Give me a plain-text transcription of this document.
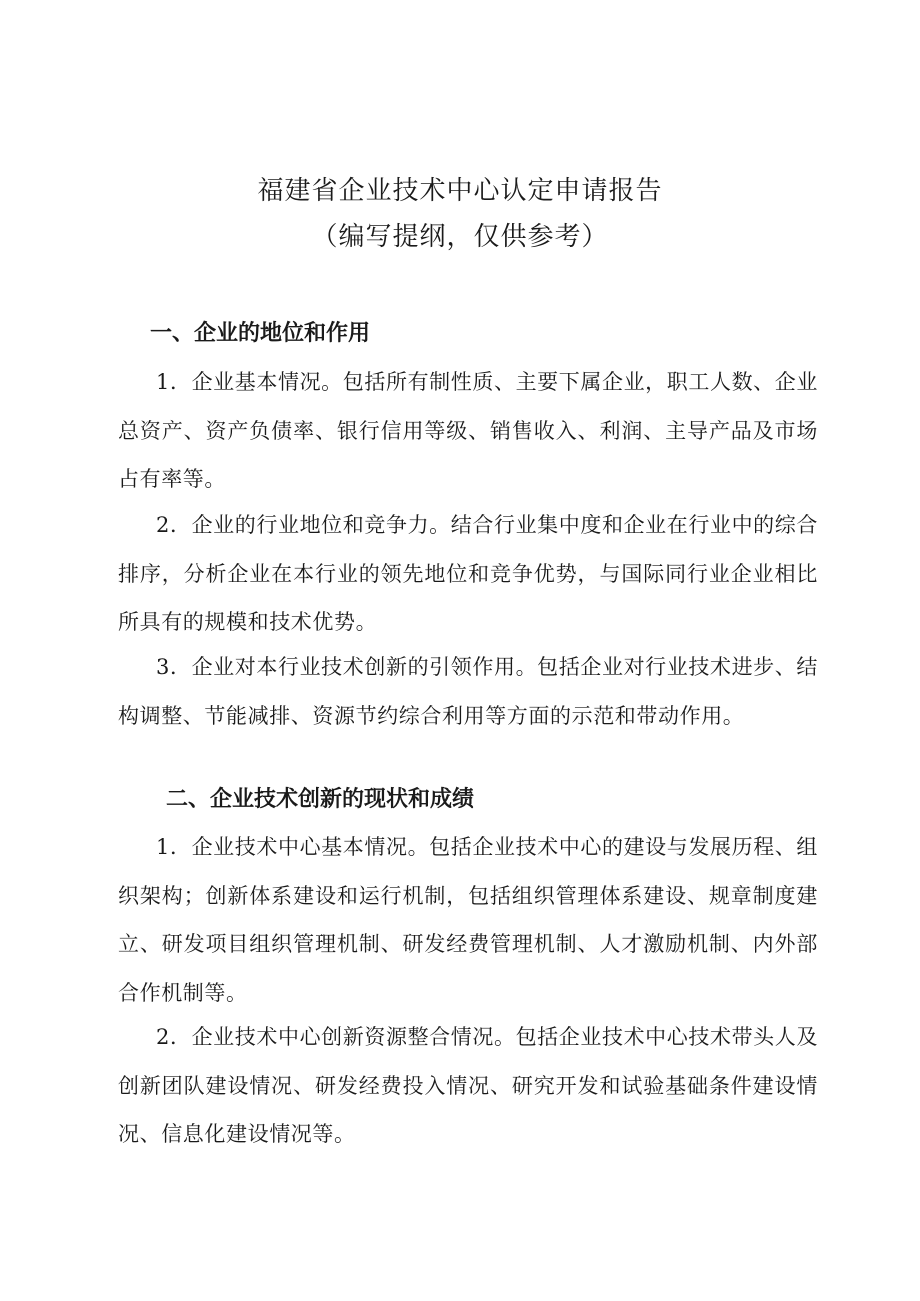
福建省企业技术中心认定申请报告
（编写提纲，仅供参考）
一、企业的地位和作用
1．企业基本情况。包括所有制性质、主要下属企业，职工人数、企业总资产、资产负债率、银行信用等级、销售收入、利润、主导产品及市场占有率等。
2．企业的行业地位和竞争力。结合行业集中度和企业在行业中的综合排序，分析企业在本行业的领先地位和竞争优势，与国际同行业企业相比所具有的规模和技术优势。
3．企业对本行业技术创新的引领作用。包括企业对行业技术进步、结构调整、节能减排、资源节约综合利用等方面的示范和带动作用。
二、企业技术创新的现状和成绩
1．企业技术中心基本情况。包括企业技术中心的建设与发展历程、组织架构；创新体系建设和运行机制，包括组织管理体系建设、规章制度建立、研发项目组织管理机制、研发经费管理机制、人才激励机制、内外部合作机制等。
2．企业技术中心创新资源整合情况。包括企业技术中心技术带头人及创新团队建设情况、研发经费投入情况、研究开发和试验基础条件建设情况、信息化建设情况等。
